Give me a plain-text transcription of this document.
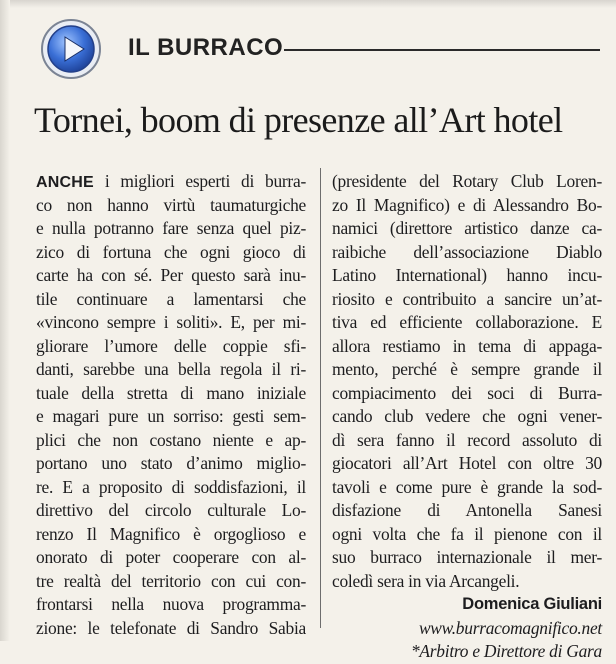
IL BURRACO
Tornei, boom di presenze all’Art hotel
ANCHE i migliori esperti di burra-
co non hanno virtù taumaturgiche
e nulla potranno fare senza quel piz-
zico di fortuna che ogni gioco di
carte ha con sé. Per questo sarà inu-
tile continuare a lamentarsi che
«vincono sempre i soliti». E, per mi-
gliorare l’umore delle coppie sfi-
danti, sarebbe una bella regola il ri-
tuale della stretta di mano iniziale
e magari pure un sorriso: gesti sem-
plici che non costano niente e ap-
portano uno stato d’animo miglio-
re. E a proposito di soddisfazioni, il
direttivo del circolo culturale Lo-
renzo Il Magnifico è orgoglioso e
onorato di poter cooperare con al-
tre realtà del territorio con cui con-
frontarsi nella nuova programma-
zione: le telefonate di Sandro Sabia
(presidente del Rotary Club Loren-
zo Il Magnifico) e di Alessandro Bo-
namici (direttore artistico danze ca-
raibiche dell’associazione Diablo
Latino International) hanno incu-
riosito e contribuito a sancire un’at-
tiva ed efficiente collaborazione. E
allora restiamo in tema di appaga-
mento, perché è sempre grande il
compiacimento dei soci di Burra-
cando club vedere che ogni vener-
dì sera fanno il record assoluto di
giocatori all’Art Hotel con oltre 30
tavoli e come pure è grande la sod-
disfazione di Antonella Sanesi
ogni volta che fa il pienone con il
suo burraco internazionale il mer-
coledì sera in via Arcangeli.
Domenica Giuliani
www.burracomagnifico.net
*Arbitro e Direttore di Gara
